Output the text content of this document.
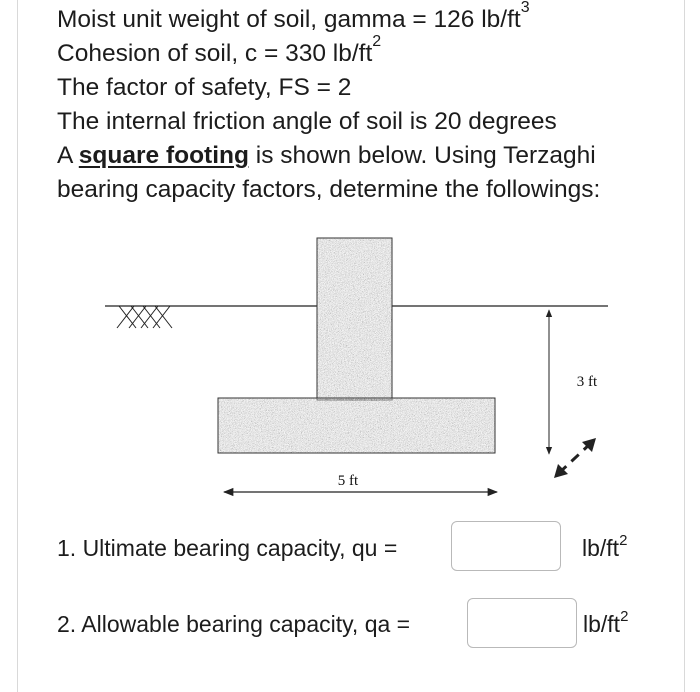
Moist unit weight of soil, gamma = 126 $lb/ft^3$
Cohesion of soil, c = 330 $lb/ft^2$
The factor of safety, FS = 2
The internal friction angle of soil is 20 degrees
A square footing is shown below. Using Terzaghi
bearing capacity factors, determine the followings:
3 ft
5 ft
1. Ultimate bearing capacity, qu =	$lb/ft^2$
2. Allowable bearing capacity, qa =	$lb/ft^2$
